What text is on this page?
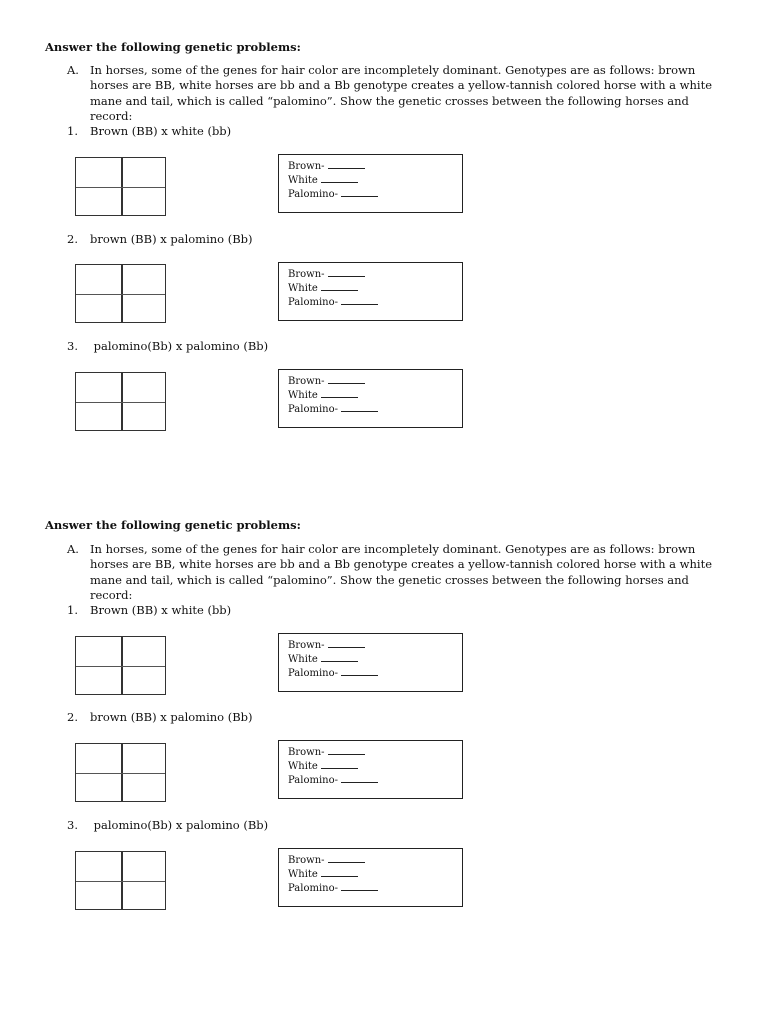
Answer the following genetic problems:
A. In horses, some of the genes for hair color are incompletely dominant. Genotypes are as follows: brown horses are BB, white horses are bb and a Bb genotype creates a yellow-tannish colored horse with a white mane and tail, which is called “palomino”. Show the genetic crosses between the following horses and record:
1. Brown (BB) x white (bb)
Brown-
White
Palomino-
2. brown (BB) x palomino (Bb)
Brown-
White
Palomino-
3. palomino(Bb) x palomino (Bb)
Brown-
White
Palomino-
Answer the following genetic problems:
A. In horses, some of the genes for hair color are incompletely dominant. Genotypes are as follows: brown horses are BB, white horses are bb and a Bb genotype creates a yellow-tannish colored horse with a white mane and tail, which is called “palomino”. Show the genetic crosses between the following horses and record:
1. Brown (BB) x white (bb)
Brown-
White
Palomino-
2. brown (BB) x palomino (Bb)
Brown-
White
Palomino-
3. palomino(Bb) x palomino (Bb)
Brown-
White
Palomino-
